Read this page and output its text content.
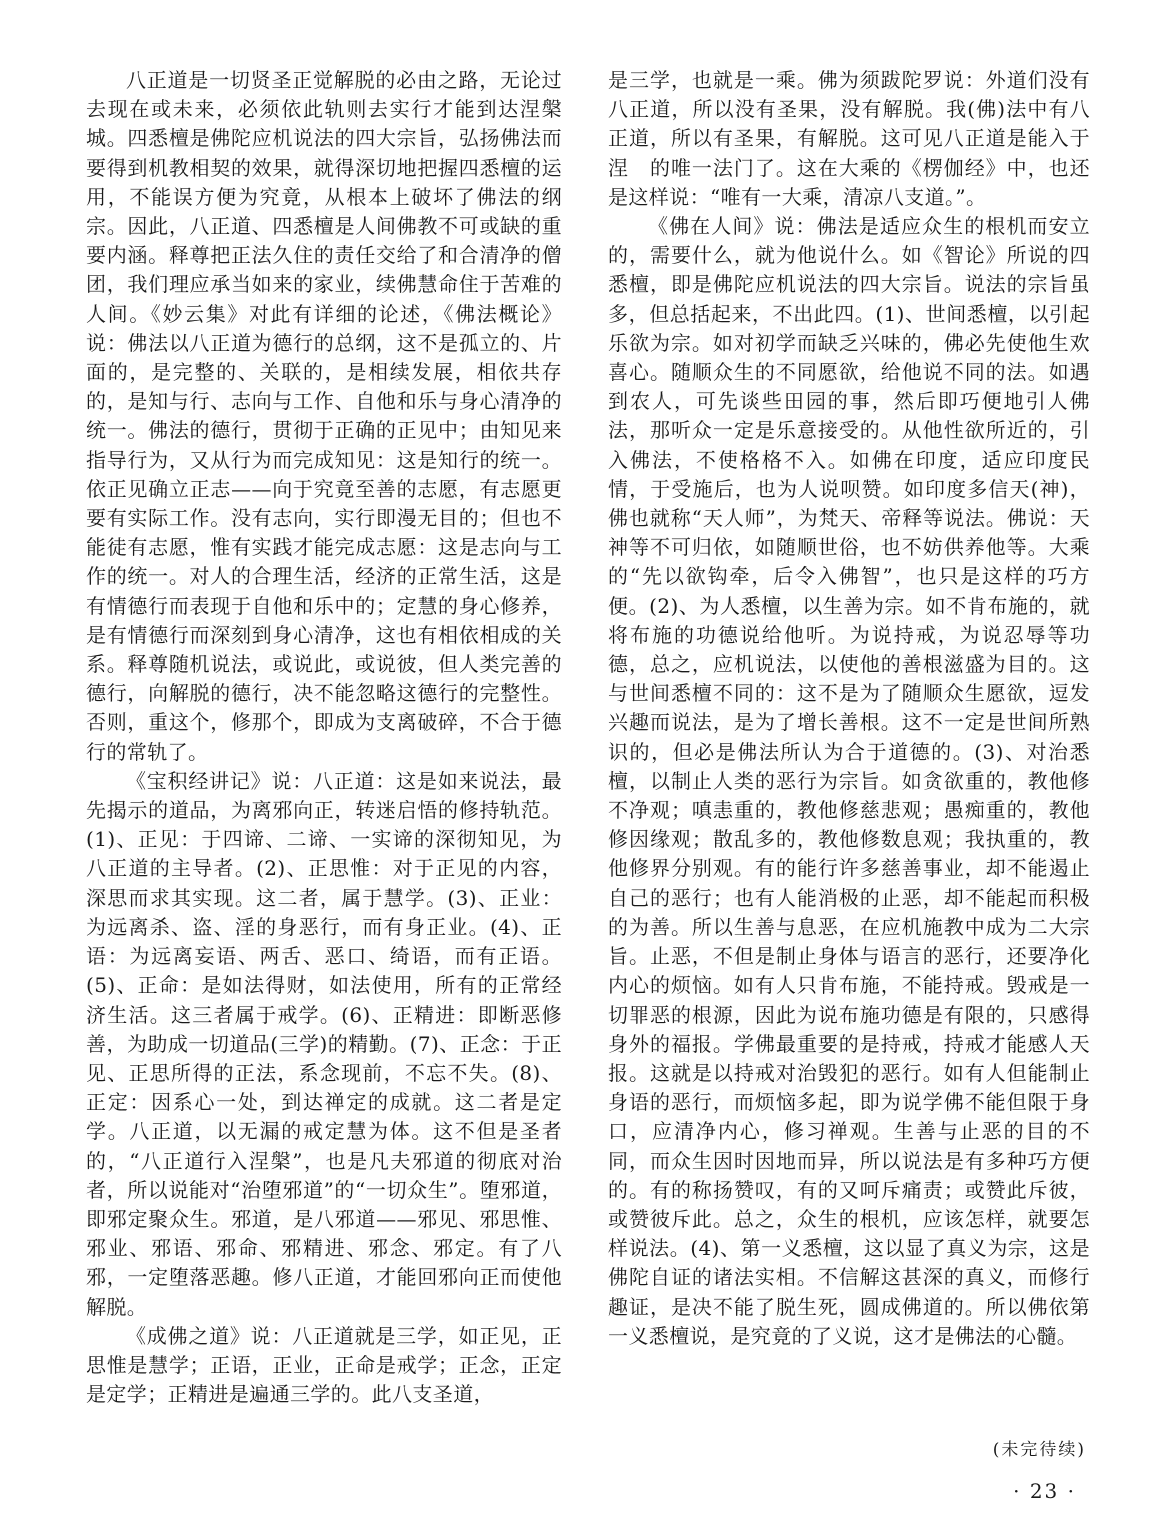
八正道是一切贤圣正觉解脱的必由之路，无论过去现在或未来，必须依此轨则去实行才能到达涅槃城。四悉檀是佛陀应机说法的四大宗旨，弘扬佛法而要得到机教相契的效果，就得深切地把握四悉檀的运用，不能误方便为究竟，从根本上破坏了佛法的纲宗。因此，八正道、四悉檀是人间佛教不可或缺的重要内涵。释尊把正法久住的责任交给了和合清净的僧团，我们理应承当如来的家业，续佛慧命住于苦难的人间。《妙云集》对此有详细的论述，《佛法概论》说：佛法以八正道为德行的总纲，这不是孤立的、片面的，是完整的、关联的，是相续发展，相依共存的，是知与行、志向与工作、自他和乐与身心清净的统一。佛法的德行，贯彻于正确的正见中；由知见来指导行为，又从行为而完成知见：这是知行的统一。依正见确立正志——向于究竟至善的志愿，有志愿更要有实际工作。没有志向，实行即漫无目的；但也不能徒有志愿，惟有实践才能完成志愿：这是志向与工作的统一。对人的合理生活，经济的正常生活，这是有情德行而表现于自他和乐中的；定慧的身心修养，是有情德行而深刻到身心清净，这也有相依相成的关系。释尊随机说法，或说此，或说彼，但人类完善的德行，向解脱的德行，决不能忽略这德行的完整性。否则，重这个，修那个，即成为支离破碎，不合于德行的常轨了。

《宝积经讲记》说：八正道：这是如来说法，最先揭示的道品，为离邪向正，转迷启悟的修持轨范。(1)、正见：于四谛、二谛、一实谛的深彻知见，为八正道的主导者。(2)、正思惟：对于正见的内容，深思而求其实现。这二者，属于慧学。(3)、正业：为远离杀、盗、淫的身恶行，而有身正业。(4)、正语：为远离妄语、两舌、恶口、绮语，而有正语。(5)、正命：是如法得财，如法使用，所有的正常经济生活。这三者属于戒学。(6)、正精进：即断恶修善，为助成一切道品(三学)的精勤。(7)、正念：于正见、正思所得的正法，系念现前，不忘不失。(8)、正定：因系心一处，到达禅定的成就。这二者是定学。八正道，以无漏的戒定慧为体。这不但是圣者的，“八正道行入涅槃”，也是凡夫邪道的彻底对治者，所以说能对“治堕邪道”的“一切众生”。堕邪道，即邪定聚众生。邪道，是八邪道——邪见、邪思惟、邪业、邪语、邪命、邪精进、邪念、邪定。有了八邪，一定堕落恶趣。修八正道，才能回邪向正而使他解脱。

《成佛之道》说：八正道就是三学，如正见，正思惟是慧学；正语，正业，正命是戒学；正念，正定是定学；正精进是遍通三学的。此八支圣道，

是三学，也就是一乘。佛为须跋陀罗说：外道们没有八正道，所以没有圣果，没有解脱。我(佛)法中有八正道，所以有圣果，有解脱。这可见八正道是能入于涅　的唯一法门了。这在大乘的《楞伽经》中，也还是这样说：“唯有一大乘，清凉八支道。”。

《佛在人间》说：佛法是适应众生的根机而安立的，需要什么，就为他说什么。如《智论》所说的四悉檀，即是佛陀应机说法的四大宗旨。说法的宗旨虽多，但总括起来，不出此四。(1)、世间悉檀，以引起乐欲为宗。如对初学而缺乏兴味的，佛必先使他生欢喜心。随顺众生的不同愿欲，给他说不同的法。如遇到农人，可先谈些田园的事，然后即巧便地引人佛法，那听众一定是乐意接受的。从他性欲所近的，引入佛法，不使格格不入。如佛在印度，适应印度民情，于受施后，也为人说呗赞。如印度多信天(神)，佛也就称“天人师”，为梵天、帝释等说法。佛说：天神等不可归依，如随顺世俗，也不妨供养他等。大乘的“先以欲钩牵，后令入佛智”，也只是这样的巧方便。(2)、为人悉檀，以生善为宗。如不肯布施的，就将布施的功德说给他听。为说持戒，为说忍辱等功德，总之，应机说法，以使他的善根滋盛为目的。这与世间悉檀不同的：这不是为了随顺众生愿欲，逗发兴趣而说法，是为了增长善根。这不一定是世间所熟识的，但必是佛法所认为合于道德的。(3)、对治悉檀，以制止人类的恶行为宗旨。如贪欲重的，教他修不净观；嗔恚重的，教他修慈悲观；愚痴重的，教他修因缘观；散乱多的，教他修数息观；我执重的，教他修界分别观。有的能行许多慈善事业，却不能遏止自己的恶行；也有人能消极的止恶，却不能起而积极的为善。所以生善与息恶，在应机施教中成为二大宗旨。止恶，不但是制止身体与语言的恶行，还要净化内心的烦恼。如有人只肯布施，不能持戒。毁戒是一切罪恶的根源，因此为说布施功德是有限的，只感得身外的福报。学佛最重要的是持戒，持戒才能感人天报。这就是以持戒对治毁犯的恶行。如有人但能制止身语的恶行，而烦恼多起，即为说学佛不能但限于身口，应清净内心，修习禅观。生善与止恶的目的不同，而众生因时因地而异，所以说法是有多种巧方便的。有的称扬赞叹，有的又呵斥痛责；或赞此斥彼，或赞彼斥此。总之，众生的根机，应该怎样，就要怎样说法。(4)、第一义悉檀，这以显了真义为宗，这是佛陀自证的诸法实相。不信解这甚深的真义，而修行趣证，是决不能了脱生死，圆成佛道的。所以佛依第一义悉檀说，是究竟的了义说，这才是佛法的心髓。

(未完待续)
· 23 ·
